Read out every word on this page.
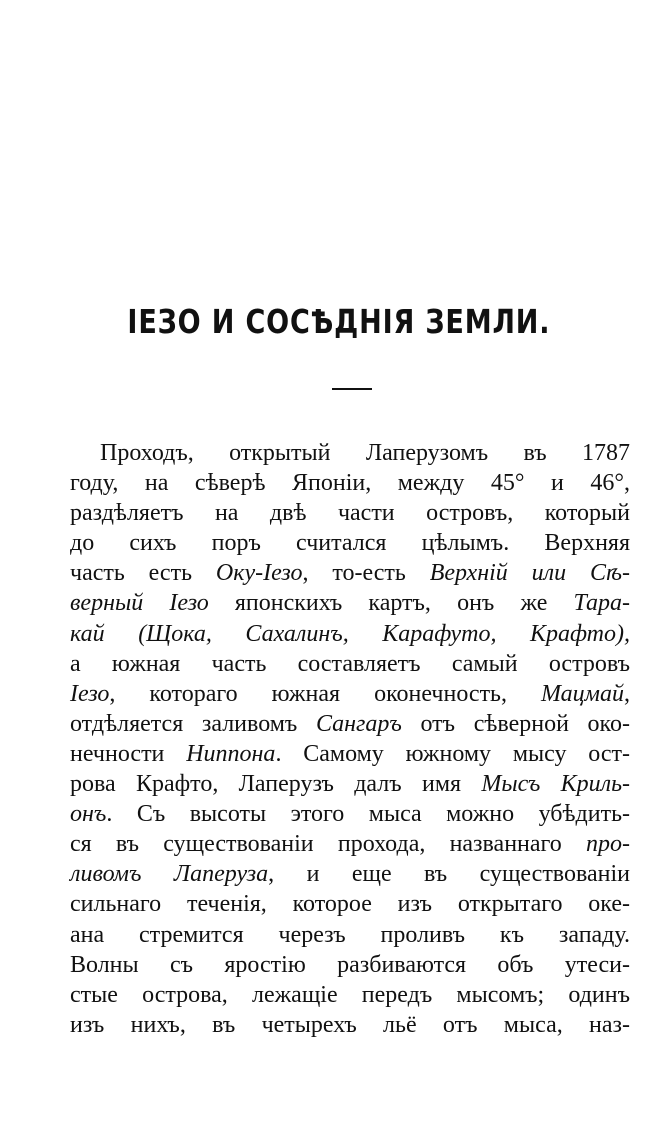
ІЕЗО И СОСѢДНІЯ ЗЕМЛИ.
Проходъ, открытый Лаперузомъ въ 1787
году, на сѣверѣ Японіи, между 45° и 46°,
раздѣляетъ на двѣ части островъ, который
до сихъ поръ считался цѣлымъ. Верхняя
часть есть Оку-Іезо, то-есть Верхній или Сѣ-
верный Іезо японскихъ картъ, онъ же Тара-
кай (Щока, Сахалинъ, Карафуто, Крафто),
а южная часть составляетъ самый островъ
Іезо, котораго южная оконечность, Мацмай,
отдѣляется заливомъ Сангаръ отъ сѣверной око-
нечности Ниппона. Самому южному мысу ост-
рова Крафто, Лаперузъ далъ имя Мысъ Криль-
онъ. Съ высоты этого мыса можно убѣдить-
ся въ существованіи прохода, названнаго про-
ливомъ Лаперуза, и еще въ существованіи
сильнаго теченія, которое изъ открытаго оке-
ана стремится черезъ проливъ къ западу.
Волны съ яростію разбиваются объ утеси-
стые острова, лежащіе передъ мысомъ; одинъ
изъ нихъ, въ четырехъ льё отъ мыса, наз-
